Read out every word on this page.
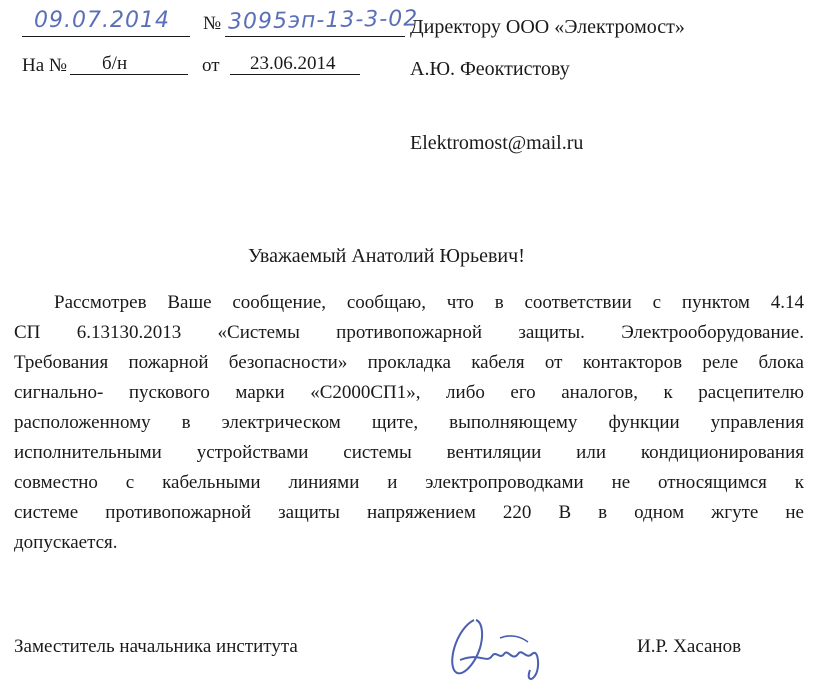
09.07.2014 № 3095эп-13-3-02
На № б/н	от 23.06.2014
Директору ООО «Электромост»
А.Ю. Феоктистову
Elektromost@mail.ru
Уважаемый Анатолий Юрьевич!
Рассмотрев Ваше сообщение, сообщаю, что в соответствии с пунктом 4.14
СП 6.13130.2013 «Системы противопожарной защиты. Электрооборудование.
Требования пожарной безопасности» прокладка кабеля от контакторов реле блока
сигнально- пускового марки «С2000СП1», либо его аналогов, к расцепителю
расположенному в электрическом щите, выполняющему функции управления
исполнительными устройствами системы вентиляции или кондиционирования
совместно с кабельными линиями и электропроводками не относящимся к
системе противопожарной защиты напряжением 220 В в одном жгуте не
допускается.
Заместитель начальника института	И.Р. Хасанов
